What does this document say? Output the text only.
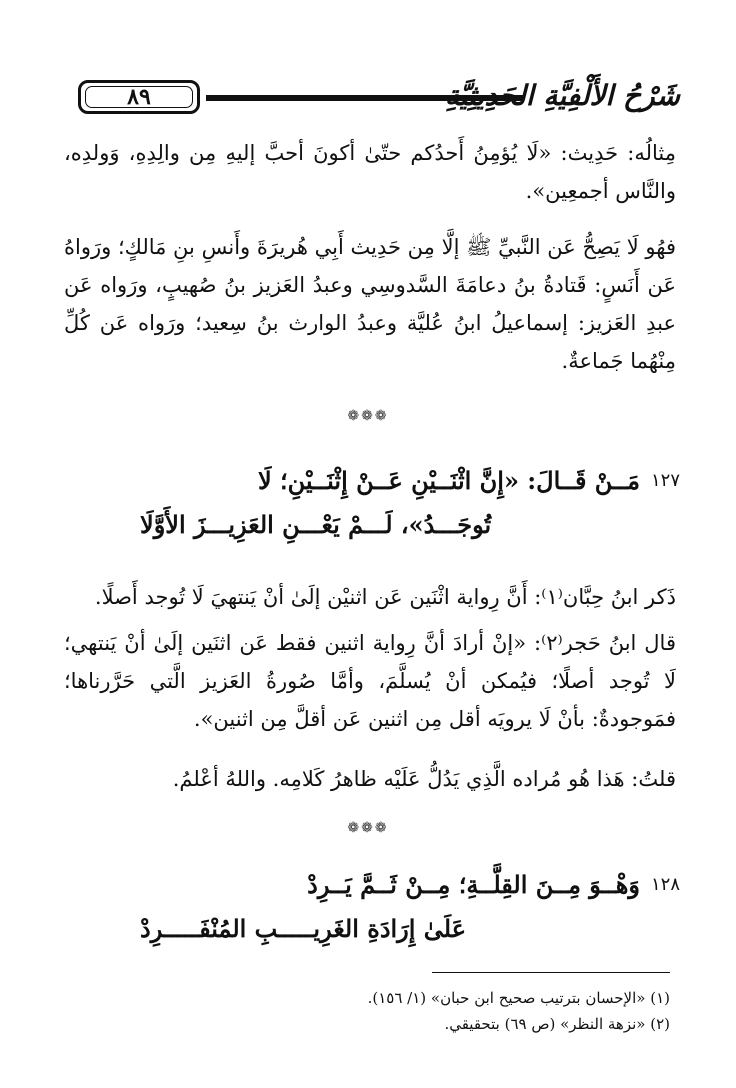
٨٩	شَرْحُ الأَلْفِيَّةِ الحَدِيثِيَّةِ
مِثالُه: حَدِيث: «لَا يُؤمِنُ أَحدُكم حتّىٰ أكونَ أحبَّ إليهِ مِن والِدِهِ، وَولدِه، والنَّاس أجمعِين».
فهُو لَا يَصِحُّ عَن النَّبيِّ ﷺ إلَّا مِن حَدِيث أَبِي هُريرَةَ وأَنسِ بنِ مَالكٍ؛ ورَواهُ عَن أَنَسٍ: قَتادةُ بنُ دعامَةَ السَّدوسِي وعبدُ العَزيز بنُ صُهيبٍ، ورَواه عَن عبدِ العَزيز: إسماعيلُ ابنُ عُليَّة وعبدُ الوارث بنُ سِعيد؛ ورَواه عَن كُلِّ مِنْهُما جَماعةٌ.
❁❁❁
١٢٧
مَــنْ قَــالَ: «إِنَّ اثْنَــيْنِ عَــنْ إِثْنَــيْنِ؛ لَا
تُوجَـــدُ»، لَـــمْ يَعْـــنِ العَزِيـــزَ الأَوَّلَا
ذَكر ابنُ حِبَّان⁽١⁾: أَنَّ رِواية اثْنَين عَن اثنيْن إلَىٰ أنْ يَنتهيَ لَا تُوجد أَصلًا.
قال ابنُ حَجر⁽٢⁾: «إنْ أرادَ أنَّ رِواية اثنين فقط عَن اثنَين إلَىٰ أنْ يَنتهي؛ لَا تُوجد أصلًا؛ فيُمكن أنْ يُسلَّمَ، وأمَّا صُورةُ العَزيز الَّتي حَرَّرناها؛ فمَوجودةٌ: بأنْ لَا يرويَه أقل مِن اثنين عَن أقلَّ مِن اثنين».
قلتُ: هَذا هُو مُراده الَّذِي يَدُلُّ عَلَيْه ظاهرُ كَلامِه. واللهُ أعْلمُ.
❁❁❁
١٢٨
وَهْــوَ مِــنَ القِلَّــةِ؛ مِــنْ ثَــمَّ يَــرِدْ
عَلَىٰ إِرَادَةِ الغَرِيـــــبِ المُنْفَـــــرِدْ
(١) «الإحسان بترتيب صحيح ابن حبان» (١/ ١٥٦).
(٢) «نزهة النظر» (ص ٦٩) بتحقيقي.
